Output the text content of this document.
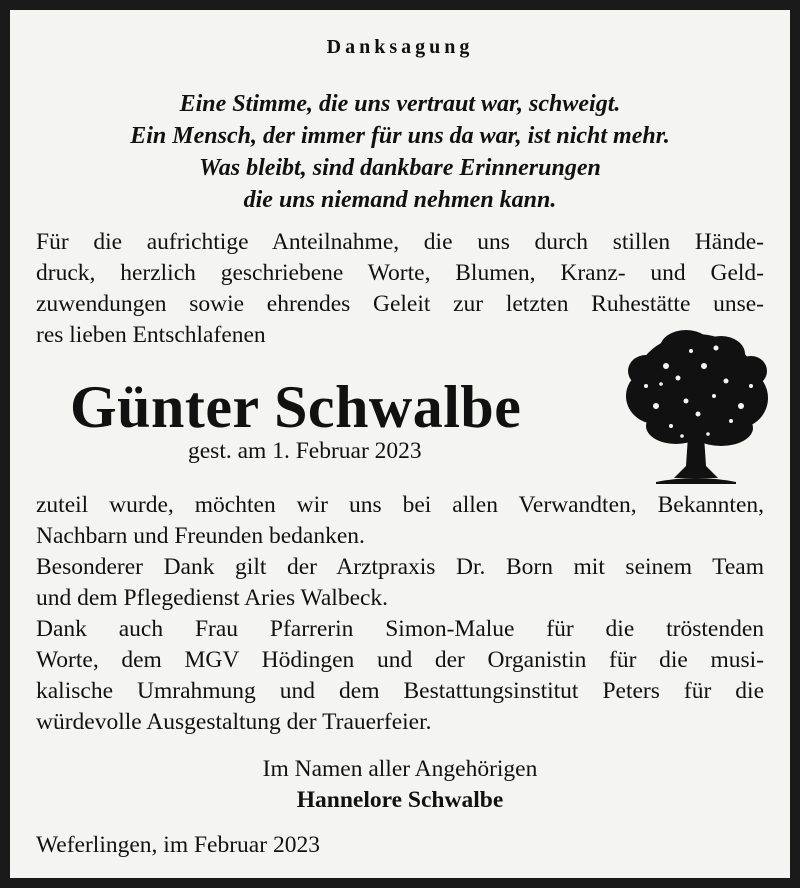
Danksagung
Eine Stimme, die uns vertraut war, schweigt.
Ein Mensch, der immer für uns da war, ist nicht mehr.
Was bleibt, sind dankbare Erinnerungen
die uns niemand nehmen kann.
Für die aufrichtige Anteilnahme, die uns durch stillen Hände-
druck, herzlich geschriebene Worte, Blumen, Kranz- und Geld-
zuwendungen sowie ehrendes Geleit zur letzten Ruhestätte unse-
res lieben Entschlafenen
Günter Schwalbe
gest. am 1. Februar 2023
zuteil wurde, möchten wir uns bei allen Verwandten, Bekannten,
Nachbarn und Freunden bedanken.
Besonderer Dank gilt der Arztpraxis Dr. Born mit seinem Team
und dem Pflegedienst Aries Walbeck.
Dank auch Frau Pfarrerin Simon-Malue für die tröstenden
Worte, dem MGV Hödingen und der Organistin für die musi-
kalische Umrahmung und dem Bestattungsinstitut Peters für die
würdevolle Ausgestaltung der Trauerfeier.
Im Namen aller Angehörigen
Hannelore Schwalbe
Weferlingen, im Februar 2023
